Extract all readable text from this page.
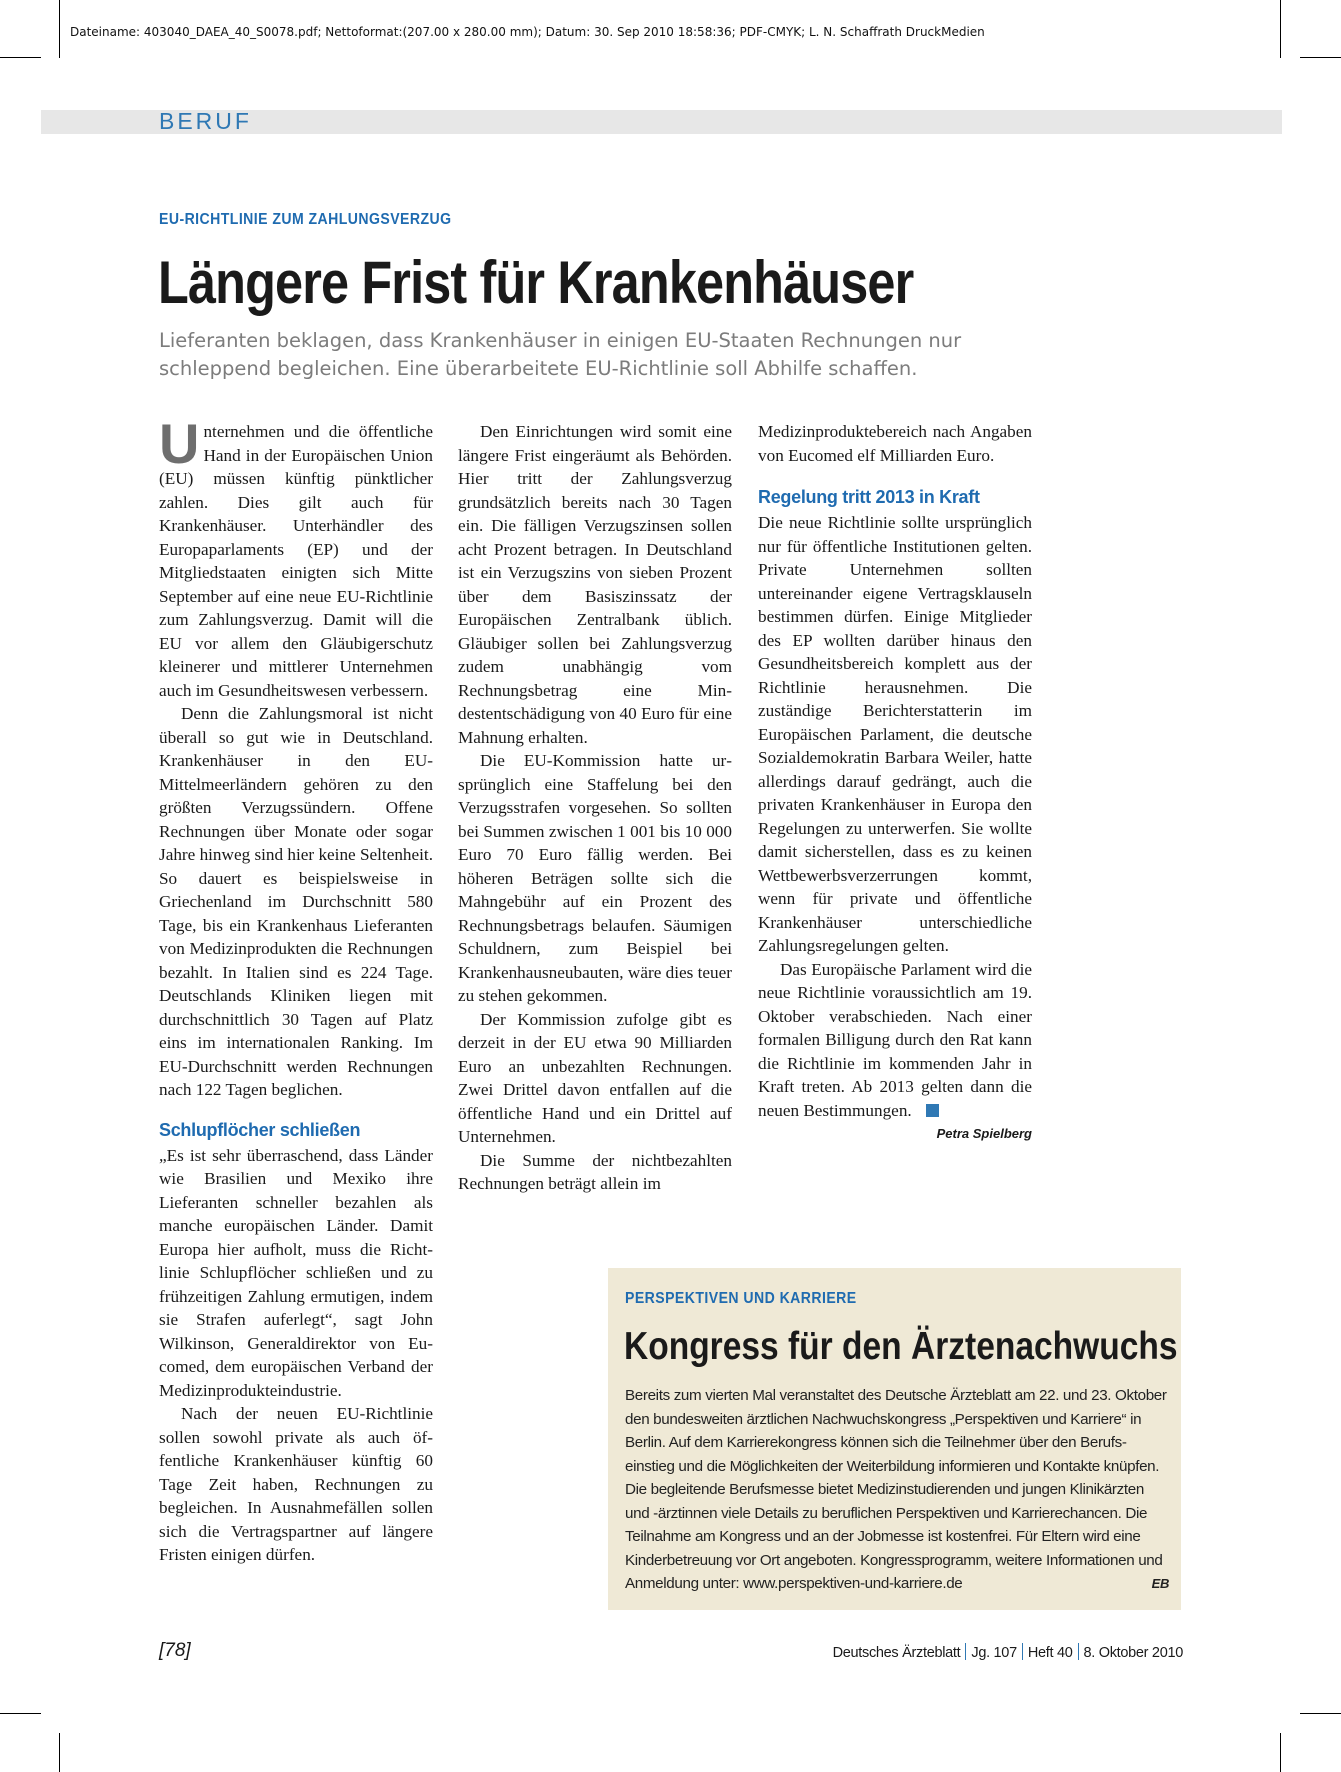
Dateiname: 403040_DAEA_40_S0078.pdf; Nettoformat:(207.00 x 280.00 mm); Datum: 30. Sep 2010 18:58:36; PDF-CMYK; L. N. Schaffrath DruckMedien
BERUF
EU-RICHTLINIE ZUM ZAHLUNGSVERZUG
Längere Frist für Krankenhäuser
Lieferanten beklagen, dass Krankenhäuser in einigen EU-Staaten Rechnungen nur schleppend begleichen. Eine überarbeitete EU-Richtlinie soll Abhilfe schaffen.

Unternehmen und die öffentliche Hand in der Europäischen Union (EU) müssen künftig pünktlicher zahlen. Dies gilt auch für Krankenhäuser. Unterhändler des Europaparlaments (EP) und der Mitgliedstaaten einigten sich Mitte September auf eine neue EU-Richtlinie zum Zahlungsverzug. Damit will die EU vor allem den Gläubigerschutz kleinerer und mittlerer Unternehmen auch im Gesundheitswesen verbessern.

Denn die Zahlungsmoral ist nicht überall so gut wie in Deutschland. Krankenhäuser in den EU-Mittelmeerländern gehören zu den größten Verzugssündern. Offene Rechnungen über Monate oder sogar Jahre hinweg sind hier keine Seltenheit. So dauert es beispielsweise in Griechenland im Durchschnitt 580 Tage, bis ein Krankenhaus Lieferanten von Medizinprodukten die Rechnungen bezahlt. In Italien sind es 224 Tage. Deutschlands Kliniken liegen mit durchschnittlich 30 Tagen auf Platz eins im internationalen Ranking. Im EU-Durchschnitt werden Rechnungen nach 122 Tagen beglichen.

Schlupflöcher schließen

„Es ist sehr überraschend, dass Länder wie Brasilien und Mexiko ihre Lieferanten schneller bezahlen als manche europäischen Länder. Damit Europa hier aufholt, muss die Richtlinie Schlupflöcher schließen und zu frühzeitigen Zahlung ermutigen, indem sie Strafen auferlegt“, sagt John Wilkinson, Generaldirektor von Eucomed, dem europäischen Verband der Medizinprodukteindustrie.

Nach der neuen EU-Richtlinie sollen sowohl private als auch öffentliche Krankenhäuser künftig 60 Tage Zeit haben, Rechnungen zu begleichen. In Ausnahmefällen sollen sich die Vertragspartner auf längere Fristen einigen dürfen.

Den Einrichtungen wird somit eine längere Frist eingeräumt als Behörden. Hier tritt der Zahlungsverzug grundsätzlich bereits nach 30 Tagen ein. Die fälligen Verzugszinsen sollen acht Prozent betragen. In Deutschland ist ein Verzugszins von sieben Prozent über dem Basiszinssatz der Europäischen Zentralbank üblich. Gläubiger sollen bei Zahlungsverzug zudem unabhängig vom Rechnungsbetrag eine Mindestentschädigung von 40 Euro für eine Mahnung erhalten.

Die EU-Kommission hatte ursprünglich eine Staffelung bei den Verzugsstrafen vorgesehen. So sollten bei Summen zwischen 1 001 bis 10 000 Euro 70 Euro fällig werden. Bei höheren Beträgen sollte sich die Mahngebühr auf ein Prozent des Rechnungsbetrags belaufen. Säumigen Schuldnern, zum Beispiel bei Krankenhausneubauten, wäre dies teuer zu stehen gekommen.

Der Kommission zufolge gibt es derzeit in der EU etwa 90 Milliarden Euro an unbezahlten Rechnungen. Zwei Drittel davon entfallen auf die öffentliche Hand und ein Drittel auf Unternehmen.

Die Summe der nichtbezahlten Rechnungen beträgt allein im

Medizinproduktebereich nach Angaben von Eucomed elf Milliarden Euro.

Regelung tritt 2013 in Kraft

Die neue Richtlinie sollte ursprünglich nur für öffentliche Institutionen gelten. Private Unternehmen sollten untereinander eigene Vertragsklauseln bestimmen dürfen. Einige Mitglieder des EP wollten darüber hinaus den Gesundheitsbereich komplett aus der Richtlinie herausnehmen. Die zuständige Berichterstatterin im Europäischen Parlament, die deutsche Sozialdemokratin Barbara Weiler, hatte allerdings darauf gedrängt, auch die privaten Krankenhäuser in Europa den Regelungen zu unterwerfen. Sie wollte damit sicherstellen, dass es zu keinen Wettbewerbsverzerrungen kommt, wenn für private und öffentliche Krankenhäuser unterschiedliche Zahlungsregelungen gelten.

Das Europäische Parlament wird die neue Richtlinie voraussichtlich am 19. Oktober verabschieden. Nach einer formalen Billigung durch den Rat kann die Richtlinie im kommenden Jahr in Kraft treten. Ab 2013 gelten dann die neuen Bestimmungen.

Petra Spielberg
PERSPEKTIVEN UND KARRIERE
Kongress für den Ärztenachwuchs
Bereits zum vierten Mal veranstaltet des Deutsche Ärzteblatt am 22. und 23. Oktober den bundesweiten ärztlichen Nachwuchskongress „Perspektiven und Karriere“ in Berlin. Auf dem Karrierekongress können sich die Teilnehmer über den Berufseinstieg und die Möglichkeiten der Weiterbildung informieren und Kontakte knüpfen. Die begleitende Berufsmesse bietet Medizinstudierenden und jungen Klinikärzten und -ärztinnen viele Details zu beruflichen Perspektiven und Karrierechancen. Die Teilnahme am Kongress und an der Jobmesse ist kostenfrei. Für Eltern wird eine Kinderbetreuung vor Ort angeboten. Kongressprogramm, weitere Informationen und Anmeldung unter: www.perspektiven-und-karriere.de	EB
[78]	Deutsches Ärzteblatt Jg. 107 Heft 40 8. Oktober 2010
